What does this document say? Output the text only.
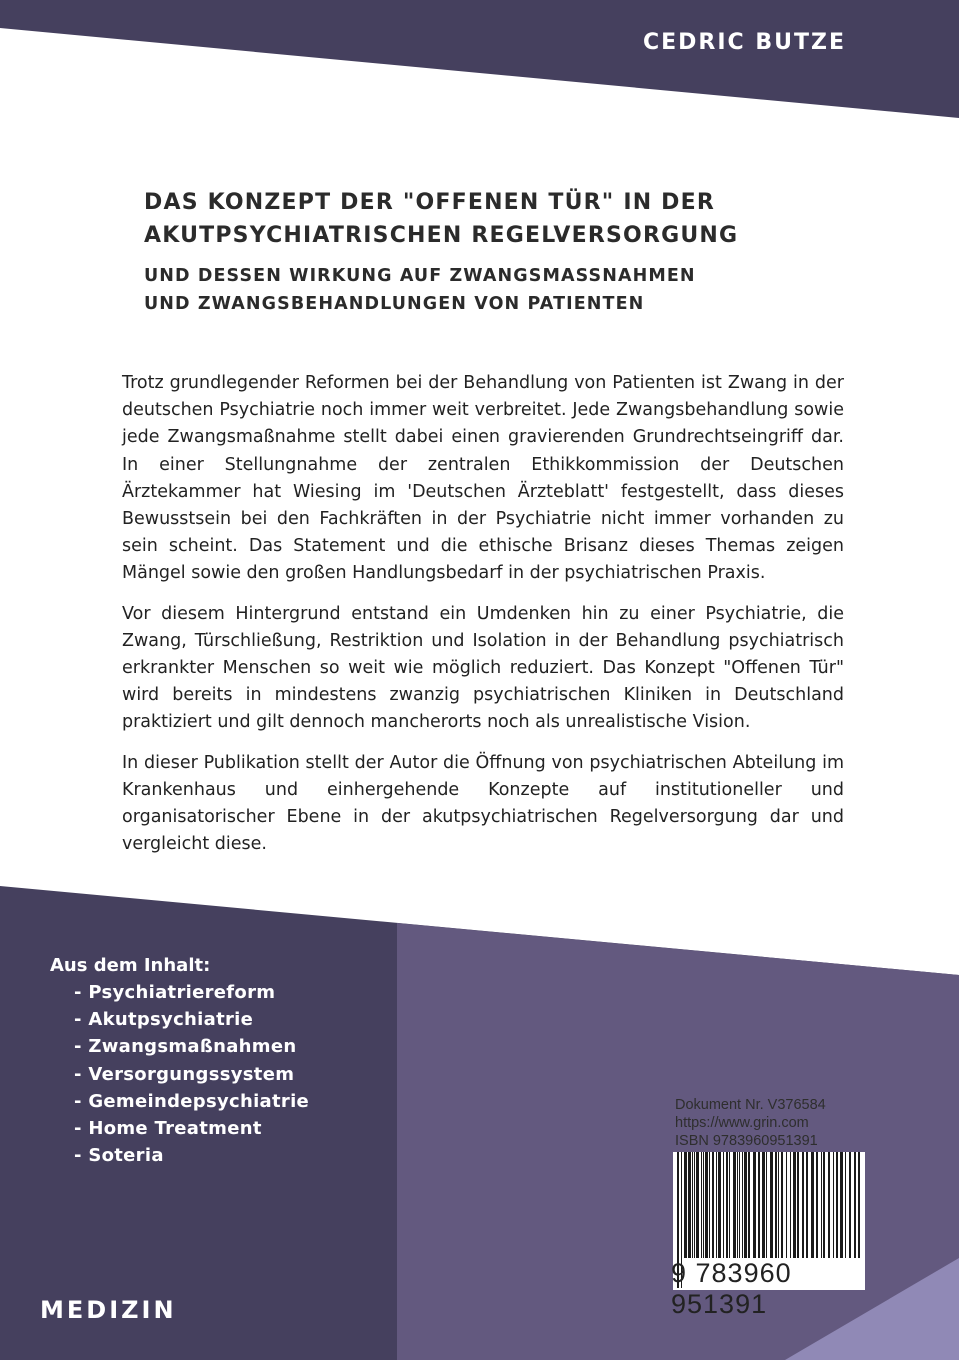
CEDRIC BUTZE
DAS KONZEPT DER "OFFENEN TÜR" IN DER
AKUTPSYCHIATRISCHEN REGELVERSORGUNG
UND DESSEN WIRKUNG AUF ZWANGSMASSNAHMEN
UND ZWANGSBEHANDLUNGEN VON PATIENTEN

Trotz grundlegender Reformen bei der Behandlung von Patienten ist Zwang in der deutschen Psychiatrie noch immer weit verbreitet. Jede Zwangsbehandlung sowie jede Zwangsmaßnahme stellt dabei einen gravierenden Grundrechtseingriff dar. In einer Stellungnahme der zentralen Ethikkommission der Deutschen Ärztekammer hat Wiesing im 'Deutschen Ärzteblatt' festgestellt, dass dieses Bewusstsein bei den Fachkräften in der Psychiatrie nicht immer vorhanden zu sein scheint. Das Statement und die ethische Brisanz dieses Themas zeigen Mängel sowie den großen Handlungsbedarf in der psychiatrischen Praxis.

Vor diesem Hintergrund entstand ein Umdenken hin zu einer Psychiatrie, die Zwang, Türschließung, Restriktion und Isolation in der Behandlung psychiatrisch erkrankter Menschen so weit wie möglich reduziert. Das Konzept "Offenen Tür" wird bereits in mindestens zwanzig psychiatrischen Kliniken in Deutschland praktiziert und gilt dennoch mancherorts noch als unrealistische Vision.

In dieser Publikation stellt der Autor die Öffnung von psychiatrischen Abteilung im Krankenhaus und einhergehende Konzepte auf institutioneller und organisatorischer Ebene in der akutpsychiatrischen Regelversorgung dar und vergleicht diese.

Aus dem Inhalt:
- Psychiatriereform
- Akutpsychiatrie
- Zwangsmaßnahmen
- Versorgungssystem
- Gemeindepsychiatrie
- Home Treatment
- Soteria
MEDIZIN
Dokument Nr. V376584
https://www.grin.com
ISBN 9783960951391
9 783960 951391
